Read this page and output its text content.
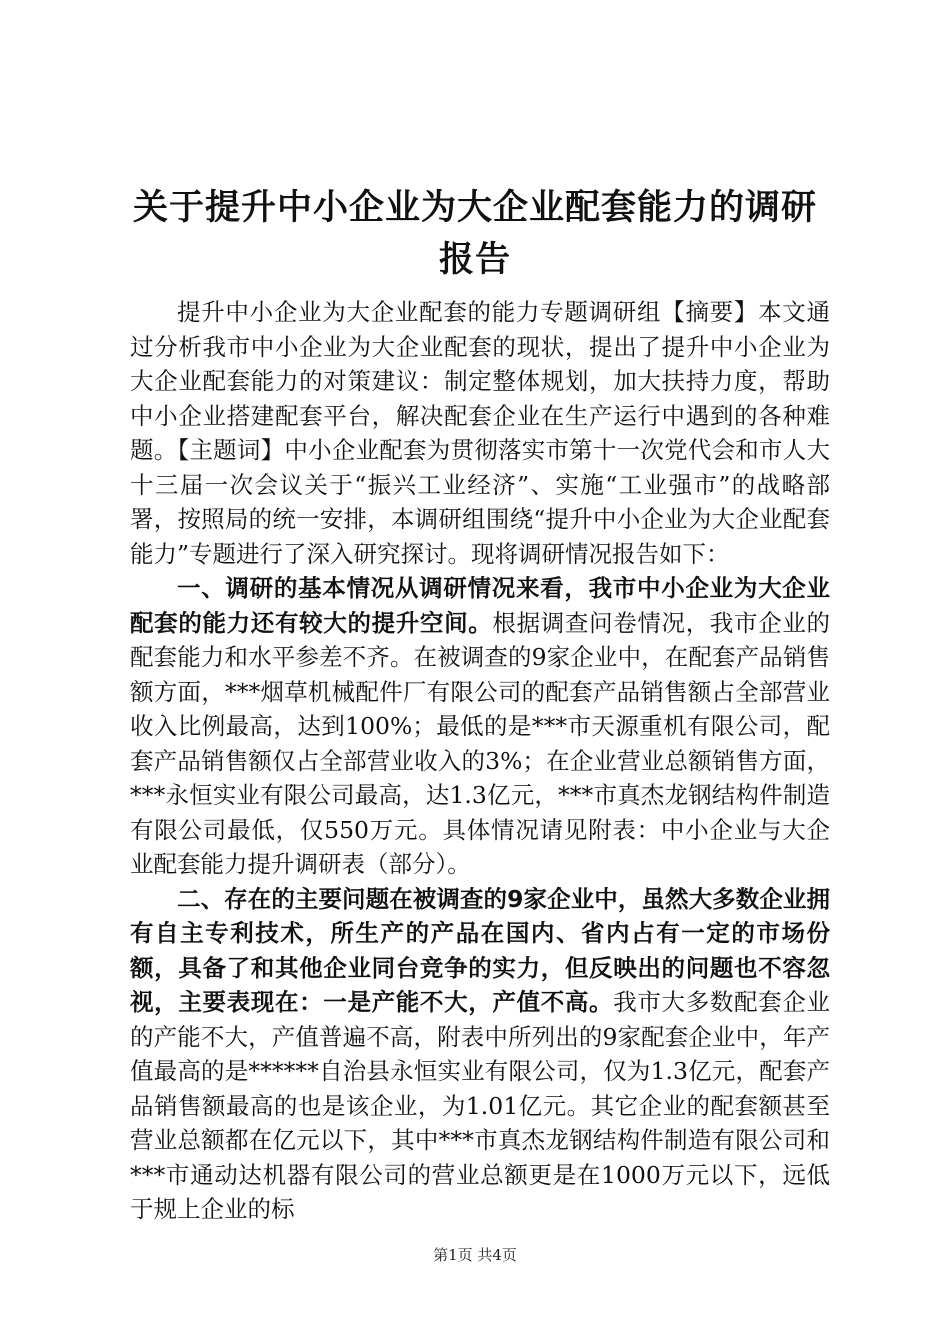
关于提升中小企业为大企业配套能力的调研报告

提升中小企业为大企业配套的能力专题调研组【摘要】本文通过分析我市中小企业为大企业配套的现状，提出了提升中小企业为大企业配套能力的对策建议：制定整体规划，加大扶持力度，帮助中小企业搭建配套平台，解决配套企业在生产运行中遇到的各种难题。【主题词】中小企业配套为贯彻落实市第十一次党代会和市人大十三届一次会议关于“振兴工业经济”、实施“工业强市”的战略部署，按照局的统一安排，本调研组围绕“提升中小企业为大企业配套能力”专题进行了深入研究探讨。现将调研情况报告如下：

一、调研的基本情况从调研情况来看，我市中小企业为大企业配套的能力还有较大的提升空间。根据调查问卷情况，我市企业的配套能力和水平参差不齐。在被调查的9家企业中，在配套产品销售额方面，***烟草机械配件厂有限公司的配套产品销售额占全部营业收入比例最高，达到100%；最低的是***市天源重机有限公司，配套产品销售额仅占全部营业收入的3%；在企业营业总额销售方面，***永恒实业有限公司最高，达1.3亿元，***市真杰龙钢结构件制造有限公司最低，仅550万元。具体情况请见附表：中小企业与大企业配套能力提升调研表（部分）。

二、存在的主要问题在被调查的9家企业中，虽然大多数企业拥有自主专利技术，所生产的产品在国内、省内占有一定的市场份额，具备了和其他企业同台竞争的实力，但反映出的问题也不容忽视，主要表现在：一是产能不大，产值不高。我市大多数配套企业的产能不大，产值普遍不高，附表中所列出的9家配套企业中，年产值最高的是******自治县永恒实业有限公司，仅为1.3亿元，配套产品销售额最高的也是该企业，为1.01亿元。其它企业的配套额甚至营业总额都在亿元以下，其中***市真杰龙钢结构件制造有限公司和***市通动达机器有限公司的营业总额更是在1000万元以下，远低于规上企业的标

第1页 共4页
